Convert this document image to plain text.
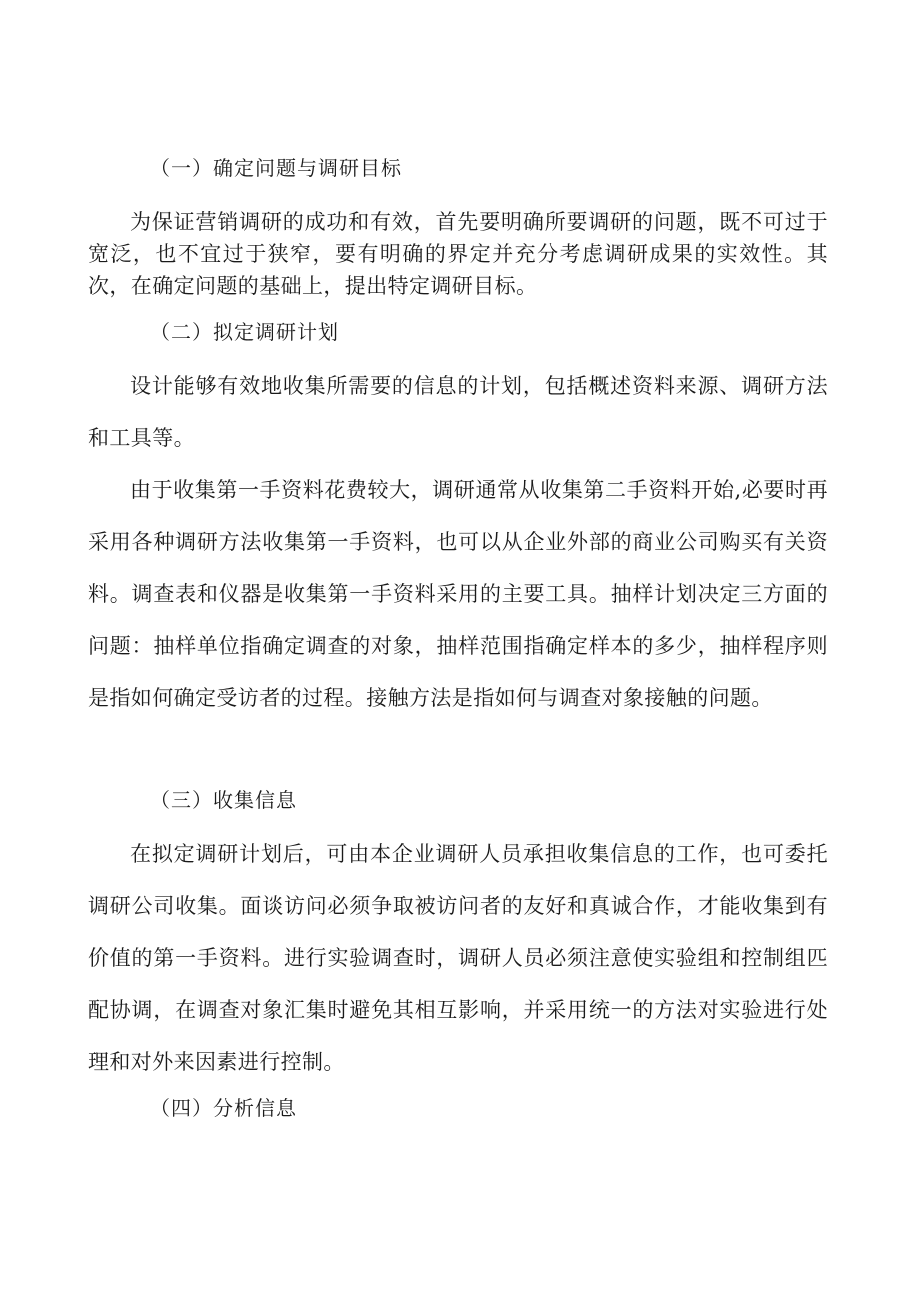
（一）确定问题与调研目标
为保证营销调研的成功和有效，首先要明确所要调研的问题，既不可过于宽泛，也不宜过于狭窄，要有明确的界定并充分考虑调研成果的实效性。其次，在确定问题的基础上，提出特定调研目标。
（二）拟定调研计划
设计能够有效地收集所需要的信息的计划，包括概述资料来源、调研方法和工具等。
由于收集第一手资料花费较大，调研通常从收集第二手资料开始,必要时再采用各种调研方法收集第一手资料，也可以从企业外部的商业公司购买有关资料。调查表和仪器是收集第一手资料采用的主要工具。抽样计划决定三方面的问题：抽样单位指确定调查的对象，抽样范围指确定样本的多少，抽样程序则是指如何确定受访者的过程。接触方法是指如何与调查对象接触的问题。
（三）收集信息
在拟定调研计划后，可由本企业调研人员承担收集信息的工作，也可委托调研公司收集。面谈访问必须争取被访问者的友好和真诚合作，才能收集到有价值的第一手资料。进行实验调查时，调研人员必须注意使实验组和控制组匹配协调，在调查对象汇集时避免其相互影响，并采用统一的方法对实验进行处理和对外来因素进行控制。
（四）分析信息
